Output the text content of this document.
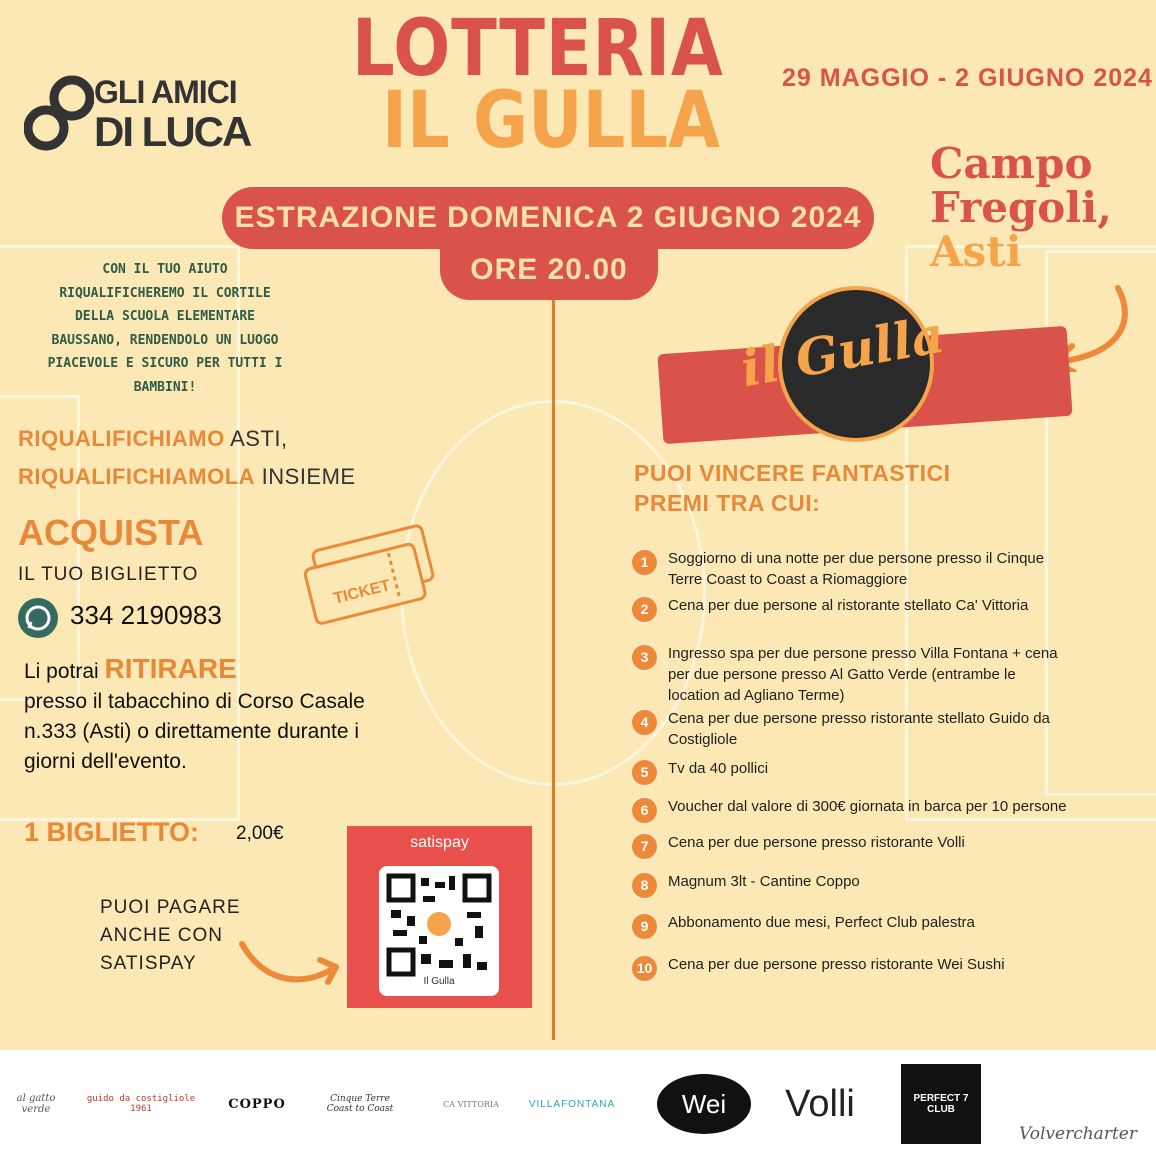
GLI AMICI
DI LUCA
LOTTERIA
IL GULLA 29 MAGGIO - 2 GIUGNO 2024
ESTRAZIONE DOMENICA 2 GIUGNO 2024
ORE 20.00
Campo
Fregoli,
Asti
il Gulla
CON IL TUO AIUTO RIQUALIFICHEREMO IL CORTILE DELLA SCUOLA ELEMENTARE BAUSSANO, RENDENDOLO UN LUOGO PIACEVOLE E SICURO PER TUTTI I BAMBINI!
RIQUALIFICHIAMO ASTI,
RIQUALIFICHIAMOLA INSIEME
ACQUISTA
IL TUO BIGLIETTO
334 2190983
TICKET
Li potrai RITIRARE
presso il tabacchino di Corso Casale n.333 (Asti) o direttamente durante i giorni dell'evento.
1 BIGLIETTO: 2,00€
PUOI PAGARE
ANCHE CON
SATISPAY
satispay
Il Gulla
PUOI VINCERE FANTASTICI
PREMI TRA CUI:
1	Soggiorno di una notte per due persone presso il Cinque Terre Coast to Coast a Riomaggiore
2	Cena per due persone al ristorante stellato Ca' Vittoria
3	Ingresso spa per due persone presso Villa Fontana + cena per due persone presso Al Gatto Verde (entrambe le location ad Agliano Terme)
4	Cena per due persone presso ristorante stellato Guido da Costigliole
5	Tv da 40 pollici
6	Voucher dal valore di 300€ giornata in barca per 10 persone
7	Cena per due persone presso ristorante Volli
8	Magnum 3lt - Cantine Coppo
9	Abbonamento due mesi, Perfect Club palestra
10	Cena per due persone presso ristorante Wei Sushi
al gatto verde
guido da costigliole 1961	COPPO	Cinque Terre Coast to Coast	CA VITTORIA	VILLAFONTANA	Wei	Volli	PERFECT 7 CLUB
Volvercharter
